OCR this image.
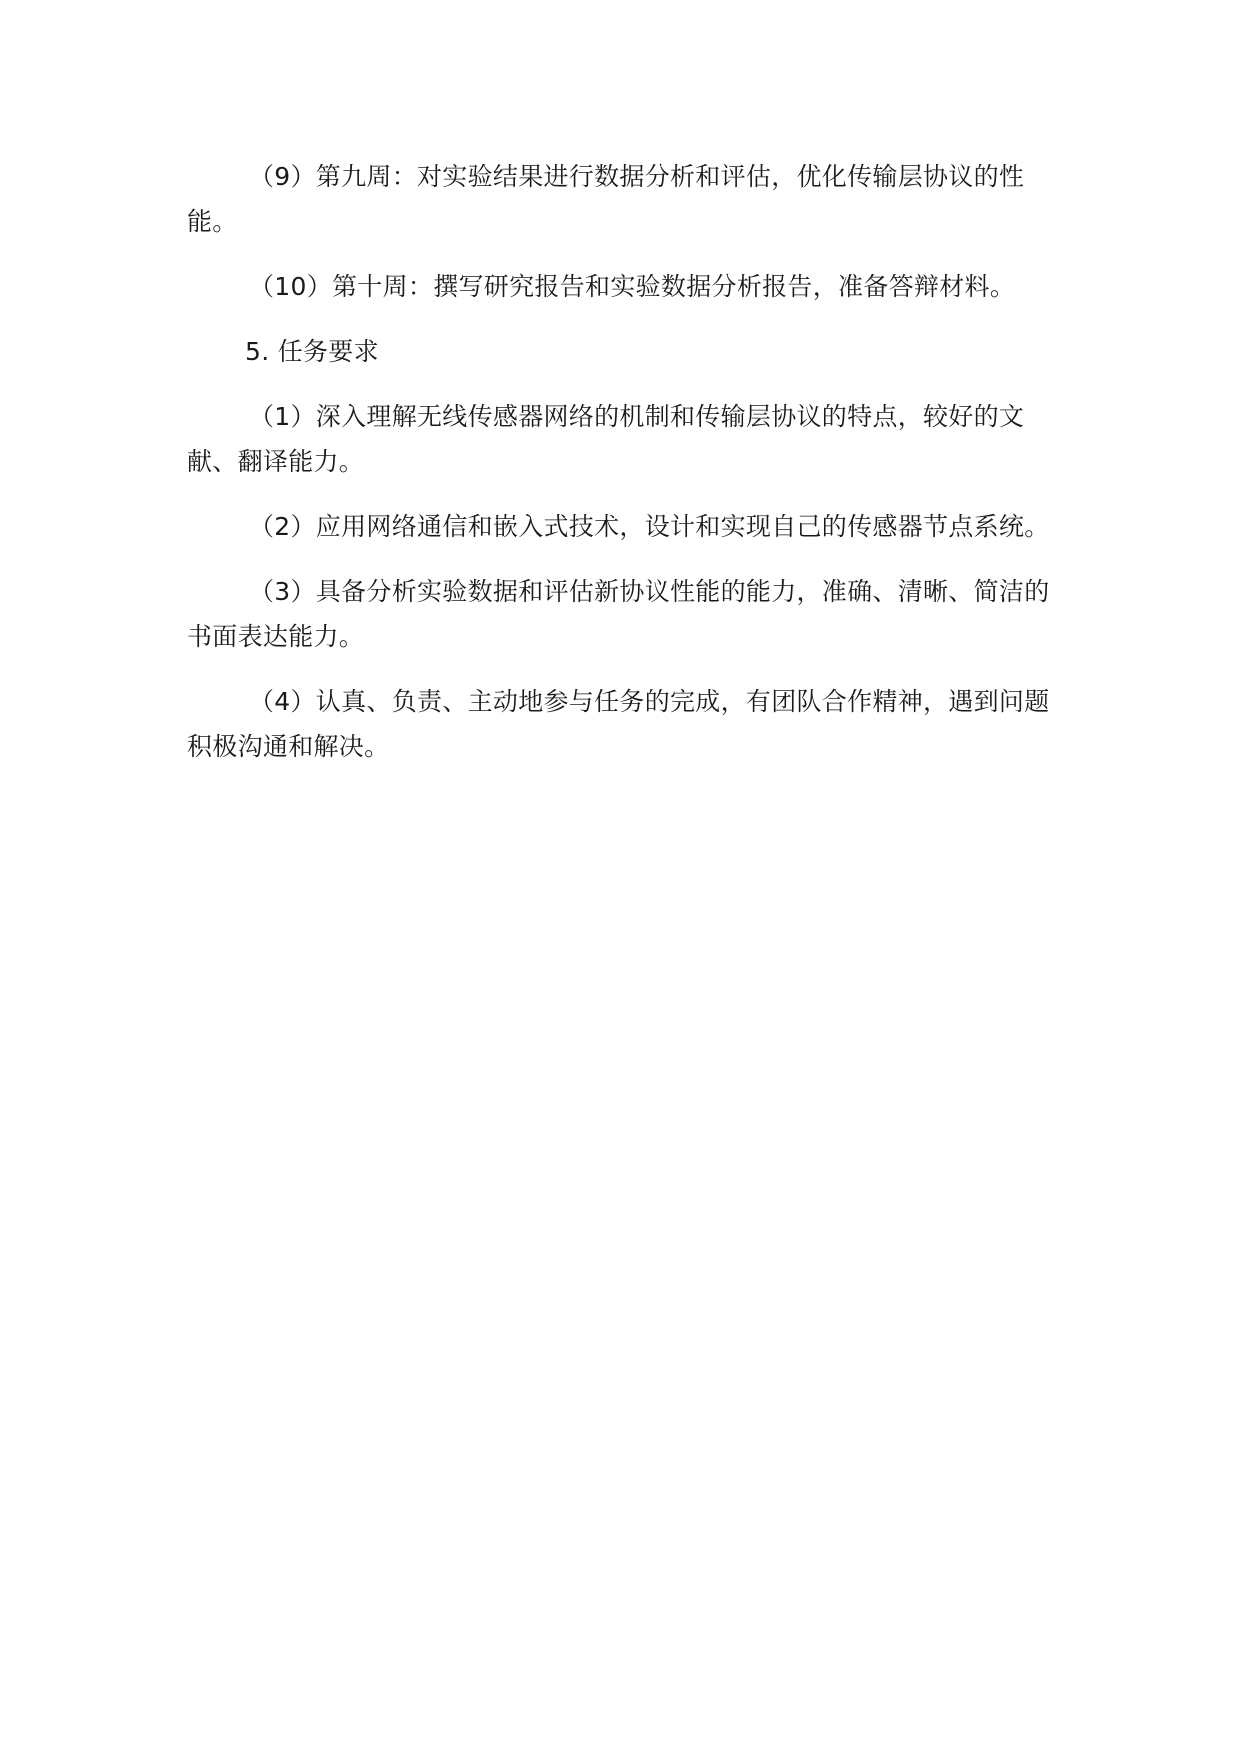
（9）第九周：对实验结果进行数据分析和评估，优化传输层协议的性能。

（10）第十周：撰写研究报告和实验数据分析报告，准备答辩材料。

5. 任务要求

（1）深入理解无线传感器网络的机制和传输层协议的特点，较好的文献、翻译能力。

（2）应用网络通信和嵌入式技术，设计和实现自己的传感器节点系统。

（3）具备分析实验数据和评估新协议性能的能力，准确、清晰、简洁的书面表达能力。

（4）认真、负责、主动地参与任务的完成，有团队合作精神，遇到问题积极沟通和解决。
